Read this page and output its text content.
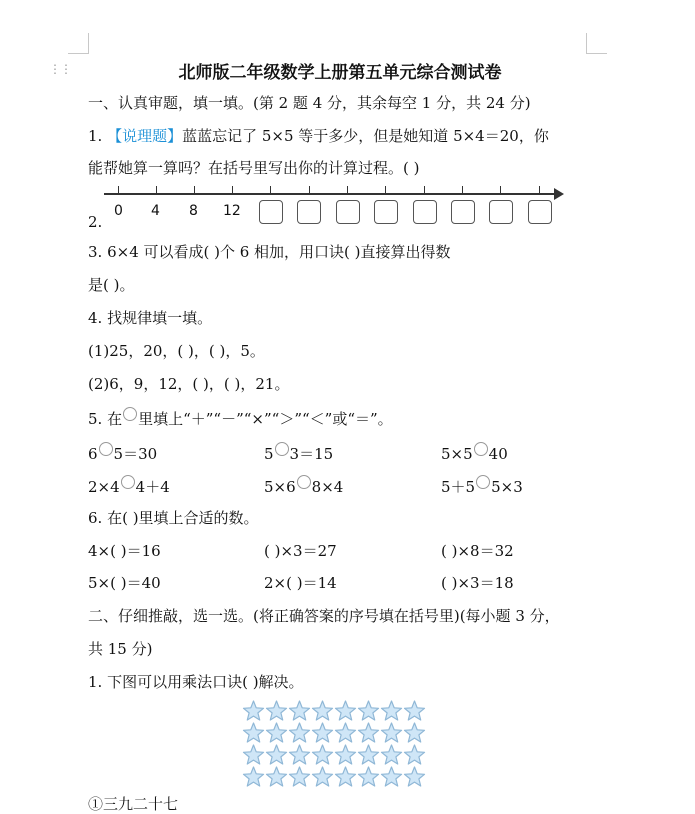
⋮⋮	北师版二年级数学上册第五单元综合测试卷
一、认真审题，填一填。(第 2 题 4 分，其余每空 1 分，共 24 分)
1. 【说理题】蓝蓝忘记了 5×5 等于多少，但是她知道 5×4＝20，你
能帮她算一算吗？在括号里写出你的计算过程。( )
2.
0 4 8 12
3. 6×4 可以看成( )个 6 相加，用口诀( )直接算出得数
是( )。
4. 找规律填一填。
(1)25，20，( )，( )，5。
(2)6，9，12，( )，( )，21。
5. 在 里填上“＋”“－”“×”“＞”“＜”或“＝”。
6 5＝30	5 3＝15	5×5 40
2×4 4＋4	5×6 8×4	5＋5 5×3
6. 在( )里填上合适的数。
4×( )＝16	( )×3＝27	( )×8＝32
5×( )＝40	2×( )＝14	( )×3＝18
二、仔细推敲，选一选。(将正确答案的序号填在括号里)(每小题 3 分，
共 15 分)
1. 下图可以用乘法口诀( )解决。
①三九二十七
